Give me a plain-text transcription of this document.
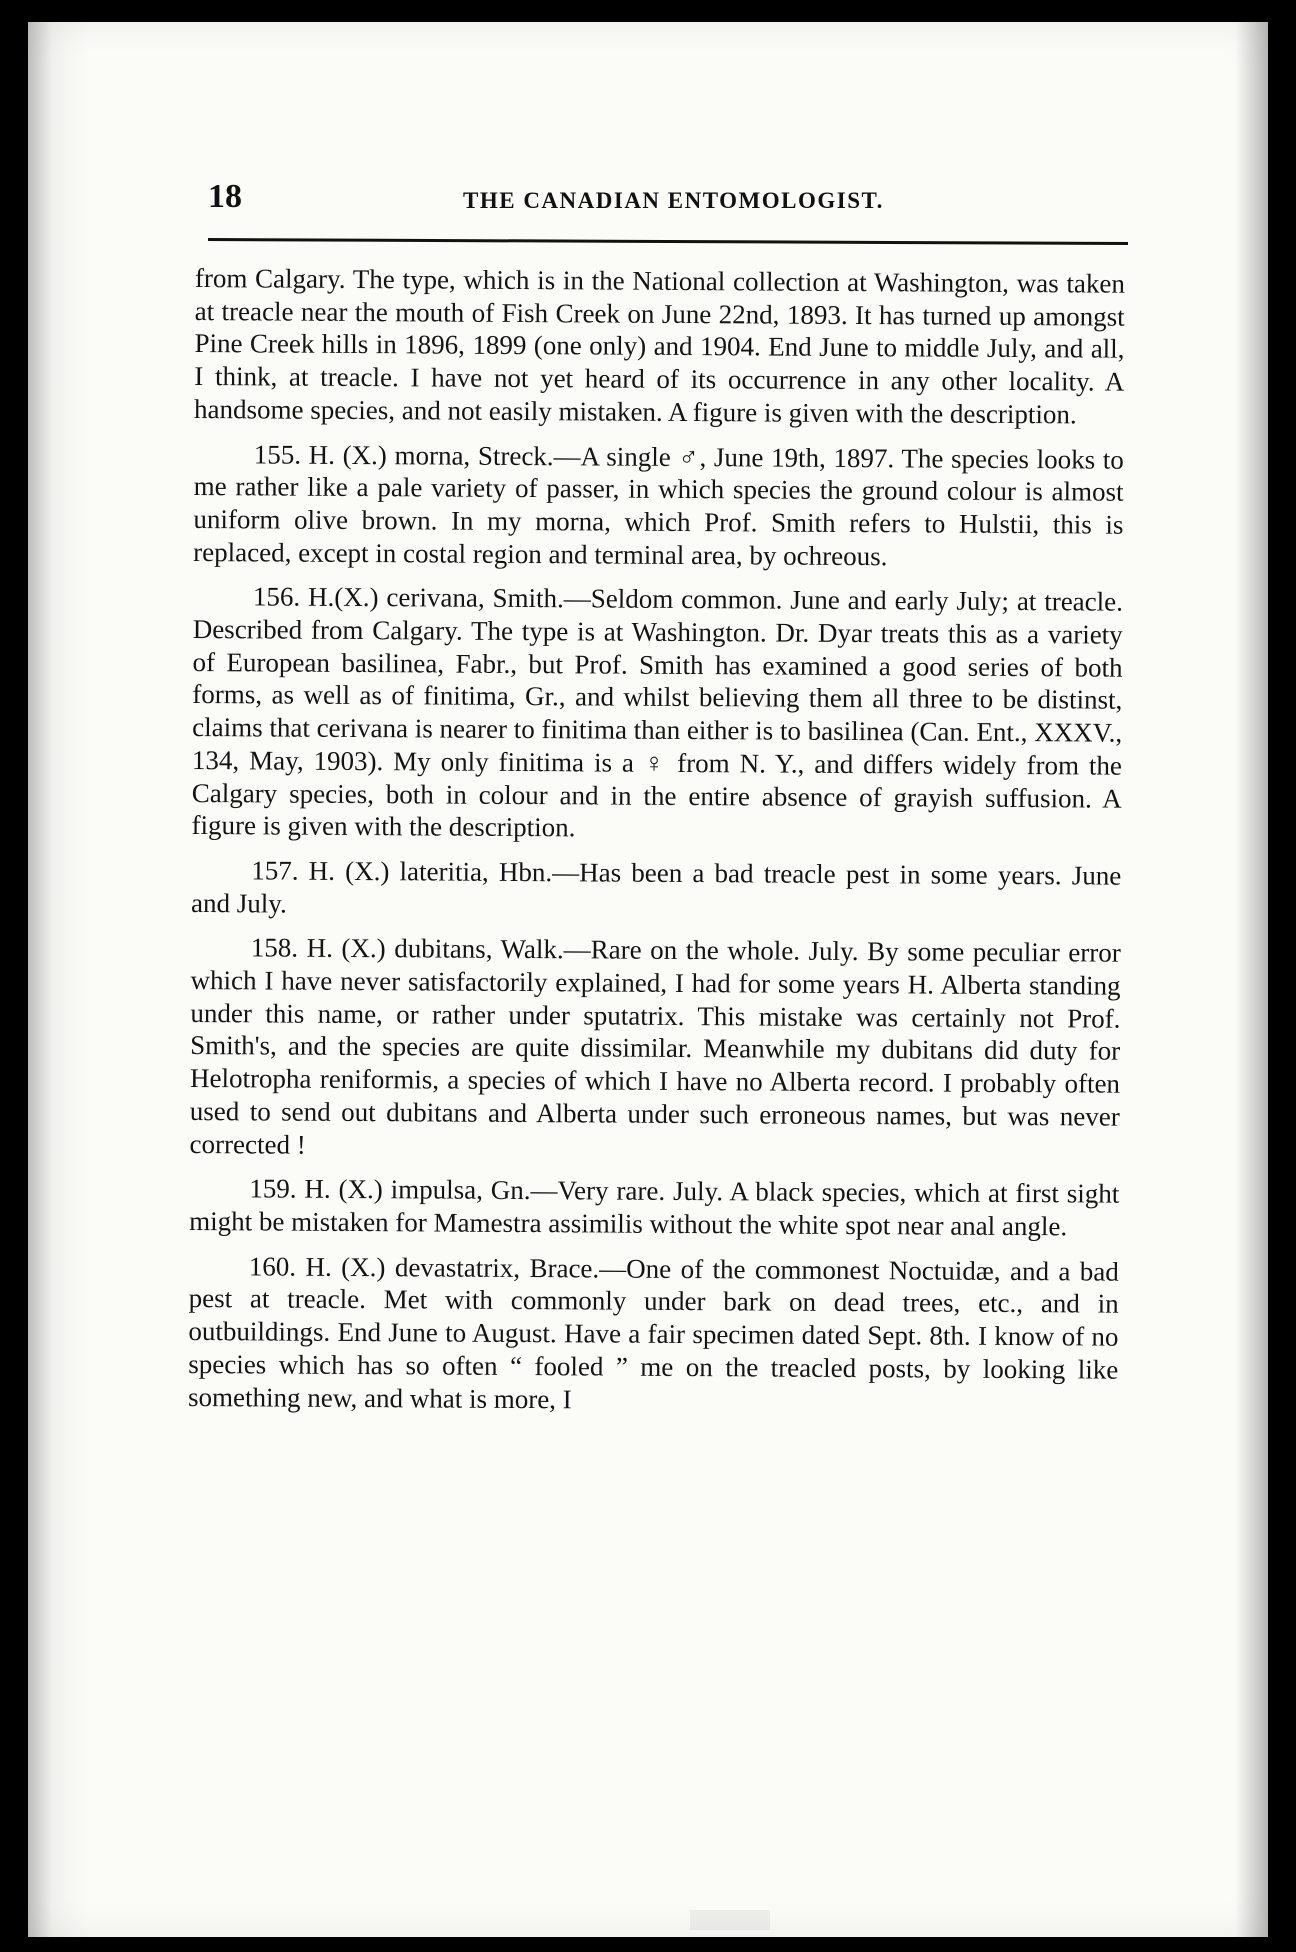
18	THE CANADIAN ENTOMOLOGIST.

from Calgary. The type, which is in the National collection at Washington, was taken at treacle near the mouth of Fish Creek on June 22nd, 1893. It has turned up amongst Pine Creek hills in 1896, 1899 (one only) and 1904. End June to middle July, and all, I think, at treacle. I have not yet heard of its occurrence in any other locality. A handsome species, and not easily mistaken. A figure is given with the description.

155. H. (X.) morna, Streck.—A single ♂, June 19th, 1897. The species looks to me rather like a pale variety of passer, in which species the ground colour is almost uniform olive brown. In my morna, which Prof. Smith refers to Hulstii, this is replaced, except in costal region and terminal area, by ochreous.

156. H.(X.) cerivana, Smith.—Seldom common. June and early July; at treacle. Described from Calgary. The type is at Washington. Dr. Dyar treats this as a variety of European basilinea, Fabr., but Prof. Smith has examined a good series of both forms, as well as of finitima, Gr., and whilst believing them all three to be distinst, claims that cerivana is nearer to finitima than either is to basilinea (Can. Ent., XXXV., 134, May, 1903). My only finitima is a ♀ from N. Y., and differs widely from the Calgary species, both in colour and in the entire absence of grayish suffusion. A figure is given with the description.

157. H. (X.) lateritia, Hbn.—Has been a bad treacle pest in some years. June and July.

158. H. (X.) dubitans, Walk.—Rare on the whole. July. By some peculiar error which I have never satisfactorily explained, I had for some years H. Alberta standing under this name, or rather under sputatrix. This mistake was certainly not Prof. Smith's, and the species are quite dissimilar. Meanwhile my dubitans did duty for Helotropha reniformis, a species of which I have no Alberta record. I probably often used to send out dubitans and Alberta under such erroneous names, but was never corrected !

159. H. (X.) impulsa, Gn.—Very rare. July. A black species, which at first sight might be mistaken for Mamestra assimilis without the white spot near anal angle.

160. H. (X.) devastatrix, Brace.—One of the commonest Noctuidæ, and a bad pest at treacle. Met with commonly under bark on dead trees, etc., and in outbuildings. End June to August. Have a fair specimen dated Sept. 8th. I know of no species which has so often “ fooled ” me on the treacled posts, by looking like something new, and what is more, I
